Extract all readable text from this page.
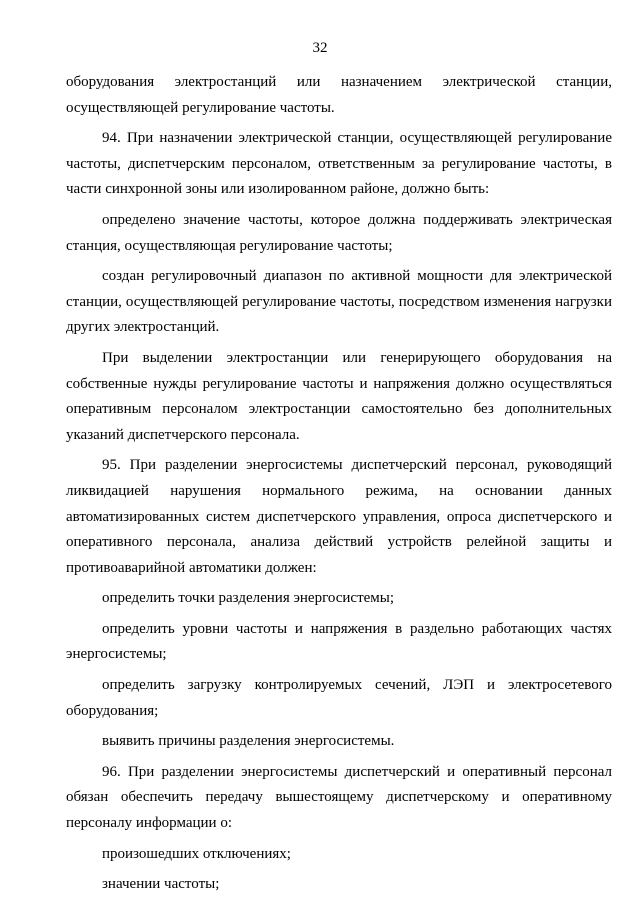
32

оборудования электростанций или назначением электрической станции, осуществляющей регулирование частоты.

94. При назначении электрической станции, осуществляющей регулирование частоты, диспетчерским персоналом, ответственным за регулирование частоты, в части синхронной зоны или изолированном районе, должно быть:

определено значение частоты, которое должна поддерживать электрическая станция, осуществляющая регулирование частоты;

создан регулировочный диапазон по активной мощности для электрической станции, осуществляющей регулирование частоты, посредством изменения нагрузки других электростанций.

При выделении электростанции или генерирующего оборудования на собственные нужды регулирование частоты и напряжения должно осуществляться оперативным персоналом электростанции самостоятельно без дополнительных указаний диспетчерского персонала.

95. При разделении энергосистемы диспетчерский персонал, руководящий ликвидацией нарушения нормального режима, на основании данных автоматизированных систем диспетчерского управления, опроса диспетчерского и оперативного персонала, анализа действий устройств релейной защиты и противоаварийной автоматики должен:

определить точки разделения энергосистемы;

определить уровни частоты и напряжения в раздельно работающих частях энергосистемы;

определить загрузку контролируемых сечений, ЛЭП и электросетевого оборудования;

выявить причины разделения энергосистемы.

96. При разделении энергосистемы диспетчерский и оперативный персонал обязан обеспечить передачу вышестоящему диспетчерскому и оперативному персоналу информации о:

произошедших отключениях;

значении частоты;
